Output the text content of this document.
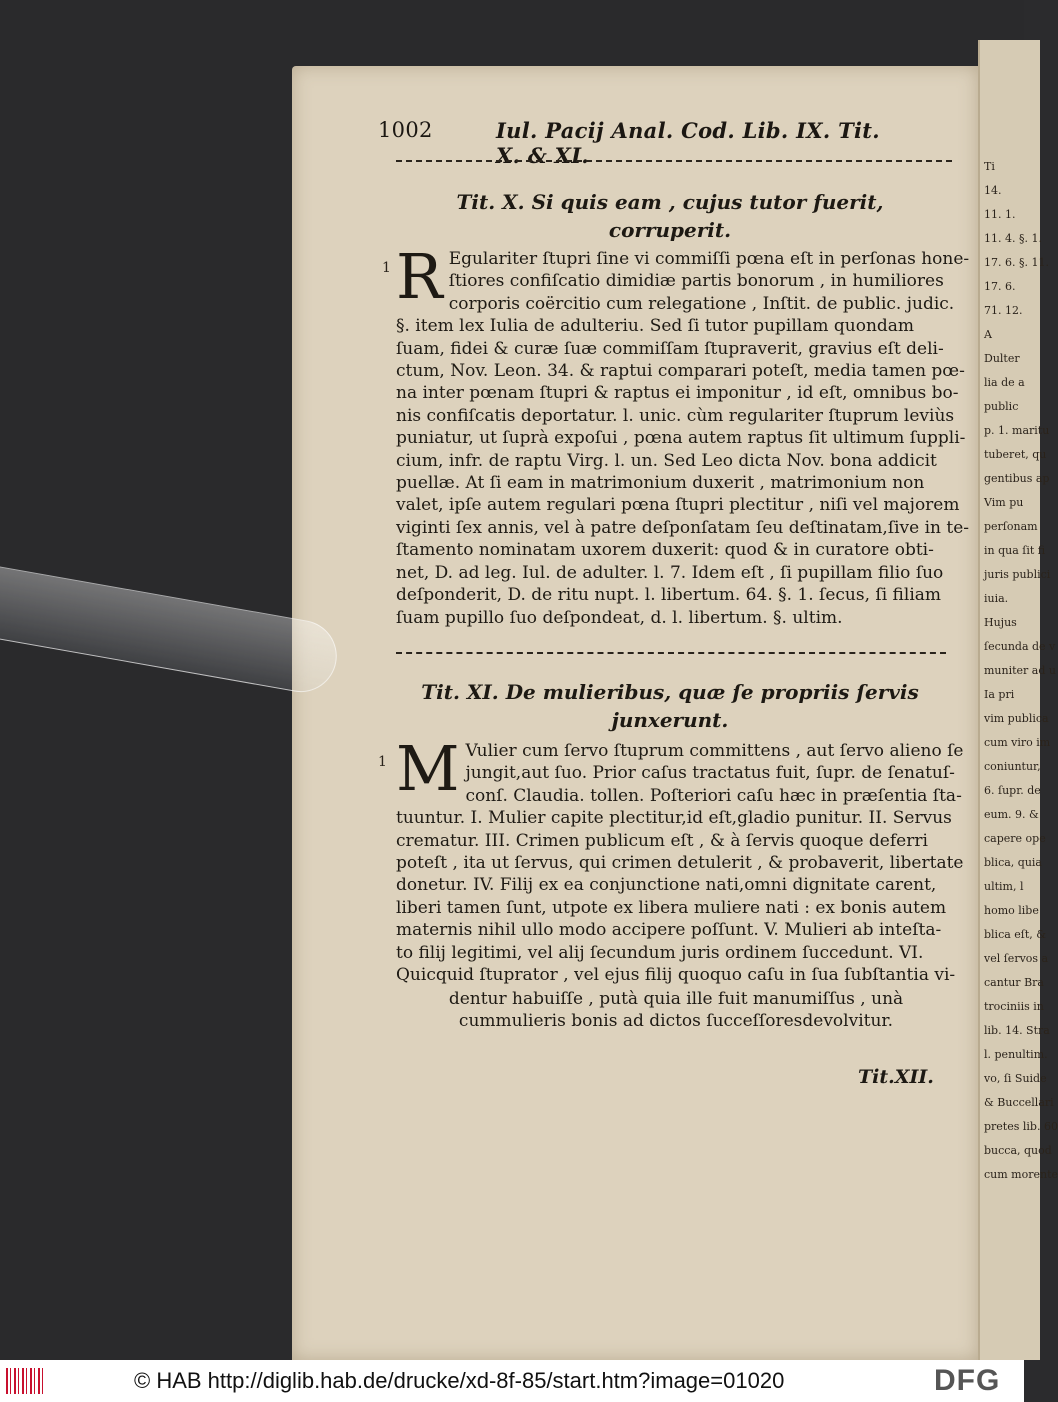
Ti
14.
11. 1.
11. 4. §. 1.
17. 6. §. 11.
17. 6.
71. 12.
A
Dulter
lia de a
public
p. 1. maritu
tuberet, qu
gentibus ap
Vim pu
perſonam
in qua ſit fi
juris publici
iuia.
Hujus
ſecunda de v
muniter ad u
Ia pri
vim publica
cum viro im
coniuntur,
6. ſupr. de
eum. 9. &
capere ope
blica, quia
ultim, l
homo libe
blica eſt, &
vel ſervos a
cantur Bra
trociniis in
lib. 14. Stra
l. penultim.
vo, ſi Suide
& Buccellari
pretes lib. 60
bucca, quod
cum morente
1002	Iul. Pacij Anal. Cod. Lib. IX. Tit. X. & XI.
Tit. X. Si quis eam , cujus tutor fuerit,
corruperit.
1 R Egulariter ſtupri ſine vi commiſſi pœna eſt in perſonas hone-
ſtiores confiſcatio dimidiæ partis bonorum , in humiliores
corporis coërcitio cum relegatione , Inſtit. de public. judic.
§. item lex Iulia de adulteriu. Sed ſi tutor pupillam quondam
ſuam, fidei & curæ ſuæ commiſſam ſtupraverit, gravius eſt deli-
ctum, Nov. Leon. 34. & raptui comparari poteſt, media tamen pœ-
na inter pœnam ſtupri & raptus ei imponitur , id eſt, omnibus bo-
nis confiſcatis deportatur. l. unic. cùm regulariter ſtuprum leviùs
puniatur, ut ſuprà expoſui , pœna autem raptus ſit ultimum ſuppli-
cium, infr. de raptu Virg. l. un. Sed Leo dicta Nov. bona addicit
puellæ. At ſi eam in matrimonium duxerit , matrimonium non
valet, ipſe autem regulari pœna ſtupri plectitur , niſi vel majorem
viginti ſex annis, vel à patre deſponſatam ſeu deſtinatam,ſive in te-
ſtamento nominatam uxorem duxerit: quod & in curatore obti-
net, D. ad leg. Iul. de adulter. l. 7. Idem eſt , ſi pupillam filio ſuo
deſponderit, D. de ritu nupt. l. libertum. 64. §. 1. ſecus, ſi filiam
ſuam pupillo ſuo deſpondeat, d. l. libertum. §. ultim.
Tit. XI. De mulieribus, quæ ſe propriis ſervis
junxerunt.
1 M Vulier cum ſervo ſtuprum committens , aut ſervo alieno ſe
jungit,aut ſuo. Prior caſus tractatus fuit, ſupr. de ſenatuſ-
conſ. Claudia. tollen. Poſteriori caſu hæc in præſentia ſta-
tuuntur. I. Mulier capite plectitur,id eſt,gladio punitur. II. Servus
crematur. III. Crimen publicum eſt , & à ſervis quoque deferri
poteſt , ita ut ſervus, qui crimen detulerit , & probaverit, libertate
donetur. IV. Filij ex ea conjunctione nati,omni dignitate carent,
liberi tamen ſunt, utpote ex libera muliere nati : ex bonis autem
maternis nihil ullo modo accipere poſſunt. V. Mulieri ab inteſta-
to filij legitimi, vel alij ſecundum juris ordinem ſuccedunt. VI.
Quicquid ſtuprator , vel ejus filij quoquo caſu in ſua ſubſtantia vi-
dentur habuiſſe , putà quia ille fuit manumiſſus , unà cummulieris bonis ad dictos ſucceſſoresdevolvitur.
Tit.XII.
© HAB http://diglib.hab.de/drucke/xd-8f-85/start.htm?image=01020	DFG
